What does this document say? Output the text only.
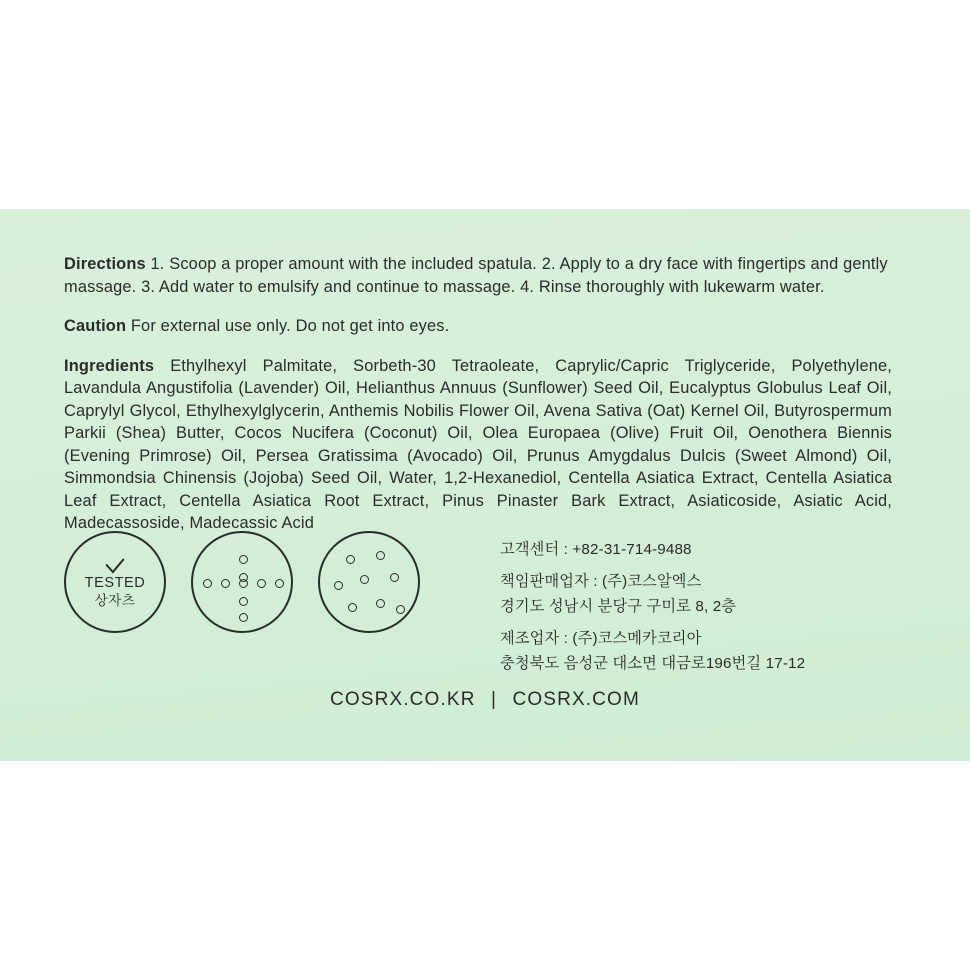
Directions 1. Scoop a proper amount with the included spatula. 2. Apply to a dry face with fingertips and gently massage. 3. Add water to emulsify and continue to massage. 4. Rinse thoroughly with lukewarm water.
Caution For external use only. Do not get into eyes.
Ingredients Ethylhexyl Palmitate, Sorbeth-30 Tetraoleate, Caprylic/Capric Triglyceride, Polyethylene, Lavandula Angustifolia (Lavender) Oil, Helianthus Annuus (Sunflower) Seed Oil, Eucalyptus Globulus Leaf Oil, Caprylyl Glycol, Ethylhexylglycerin, Anthemis Nobilis Flower Oil, Avena Sativa (Oat) Kernel Oil, Butyrospermum Parkii (Shea) Butter, Cocos Nucifera (Coconut) Oil, Olea Europaea (Olive) Fruit Oil, Oenothera Biennis (Evening Primrose) Oil, Persea Gratissima (Avocado) Oil, Prunus Amygdalus Dulcis (Sweet Almond) Oil, Simmondsia Chinensis (Jojoba) Seed Oil, Water, 1,2-Hexanediol, Centella Asiatica Extract, Centella Asiatica Leaf Extract, Centella Asiatica Root Extract, Pinus Pinaster Bark Extract, Asiaticoside, Asiatic Acid, Madecassoside, Madecassic Acid
TESTED
상자츠
고객센터 : +82-31-714-9488
책임판매업자 : (주)코스알엑스
경기도 성남시 분당구 구미로 8, 2층
제조업자 : (주)코스메카코리아
충청북도 음성군 대소면 대금로196번길 17-12
COSRX.CO.KR | COSRX.COM
